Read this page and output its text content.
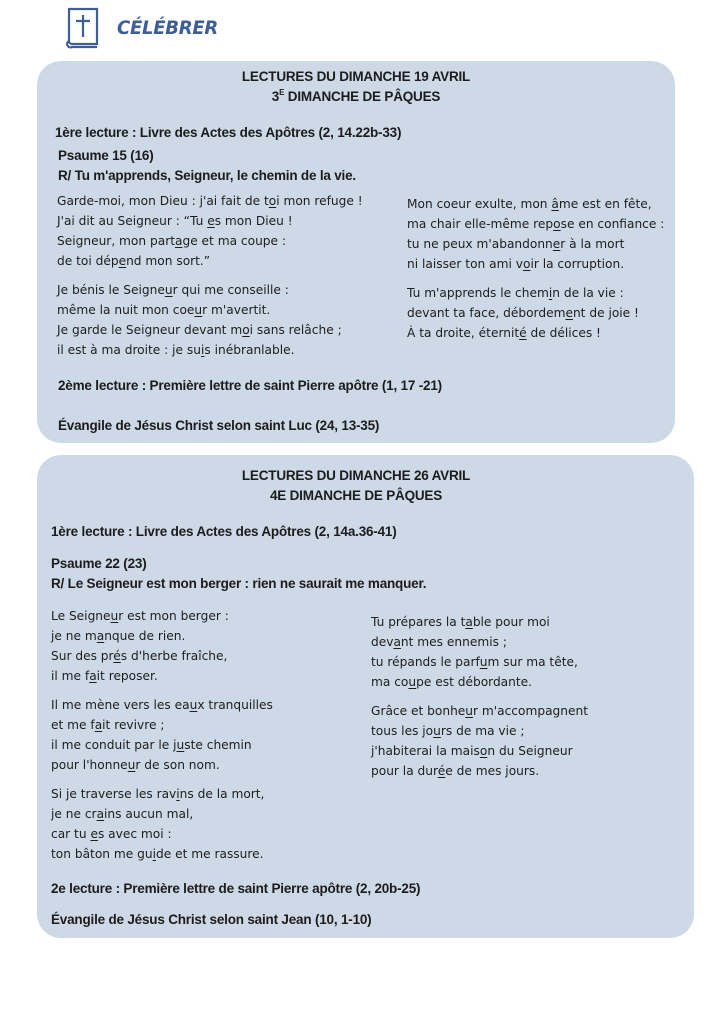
CÉLÉBRER
LECTURES DU DIMANCHE 19 AVRIL
$3^E$ DIMANCHE DE PÂQUES
1ère lecture : Livre des Actes des Apôtres (2, 14.22b-33)
Psaume 15 (16)
R/ Tu m'apprends, Seigneur, le chemin de la vie.
Garde-moi, mon Dieu : j'ai fait de toi mon refuge !
J'ai dit au Seigneur : “Tu es mon Dieu !
Seigneur, mon partage et ma coupe :
de toi dépend mon sort.”
Je bénis le Seigneur qui me conseille :
même la nuit mon coeur m'avertit.
Je garde le Seigneur devant moi sans relâche ;
il est à ma droite : je suis inébranlable.
Mon coeur exulte, mon âme est en fête,
ma chair elle-même repose en confiance :
tu ne peux m'abandonner à la mort
ni laisser ton ami voir la corruption.
Tu m'apprends le chemin de la vie :
devant ta face, débordement de joie !
À ta droite, éternité de délices !
2ème lecture : Première lettre de saint Pierre apôtre (1, 17 -21)
Évangile de Jésus Christ selon saint Luc (24, 13-35)
LECTURES DU DIMANCHE 26 AVRIL
4E DIMANCHE DE PÂQUES
1ère lecture : Livre des Actes des Apôtres (2, 14a.36-41)
Psaume 22 (23)
R/ Le Seigneur est mon berger : rien ne saurait me manquer.
Le Seigneur est mon berger :
je ne manque de rien.
Sur des prés d'herbe fraîche,
il me fait reposer.
Il me mène vers les eaux tranquilles
et me fait revivre ;
il me conduit par le juste chemin
pour l'honneur de son nom.
Si je traverse les ravins de la mort,
je ne crains aucun mal,
car tu es avec moi :
ton bâton me guide et me rassure.
Tu prépares la table pour moi
devant mes ennemis ;
tu répands le parfum sur ma tête,
ma coupe est débordante.
Grâce et bonheur m'accompagnent
tous les jours de ma vie ;
j'habiterai la maison du Seigneur
pour la durée de mes jours.
2e lecture : Première lettre de saint Pierre apôtre (2, 20b-25)
Évangile de Jésus Christ selon saint Jean (10, 1-10)
